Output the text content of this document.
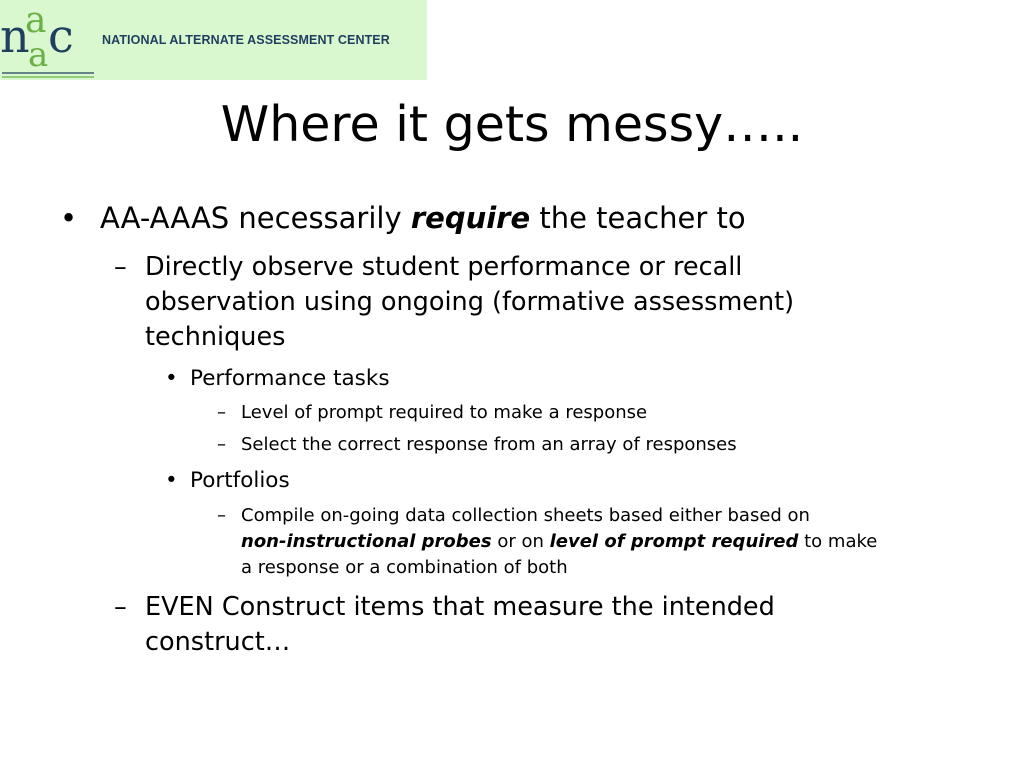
n
a
a c NATIONAL ALTERNATE ASSESSMENT CENTER
Where it gets messy…..
• AA-AAAS necessarily require the teacher to
– Directly observe student performance or recall
observation using ongoing (formative assessment)
techniques
• Performance tasks
– Level of prompt required to make a response
– Select the correct response from an array of responses
• Portfolios
– Compile on-going data collection sheets based either based on
non-instructional probes or on level of prompt required to make
a response or a combination of both
– EVEN Construct items that measure the intended
construct…
